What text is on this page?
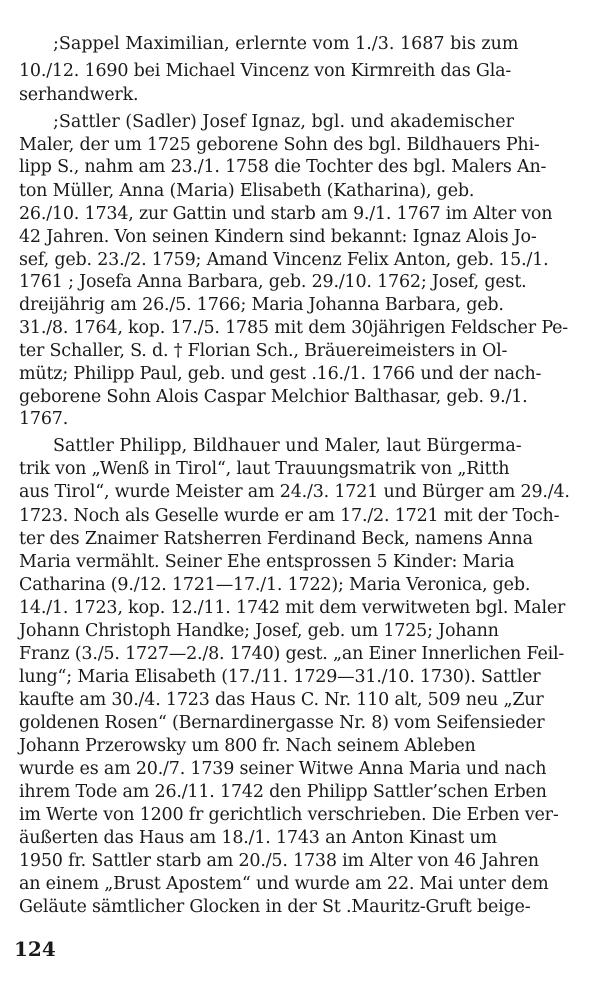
;Sappel Maximilian, erlernte vom 1./3. 1687 bis zum
10./12. 1690 bei Michael Vincenz von Kirmreith das Gla-
serhandwerk.
;Sattler (Sadler) Josef Ignaz, bgl. und akademischer
Maler, der um 1725 geborene Sohn des bgl. Bildhauers Phi-
lipp S., nahm am 23./1. 1758 die Tochter des bgl. Malers An-
ton Müller, Anna (Maria) Elisabeth (Katharina), geb.
26./10. 1734, zur Gattin und starb am 9./1. 1767 im Alter von
42 Jahren. Von seinen Kindern sind bekannt: Ignaz Alois Jo-
sef, geb. 23./2. 1759; Amand Vincenz Felix Anton, geb. 15./1.
1761 ; Josefa Anna Barbara, geb. 29./10. 1762; Josef, gest.
dreijährig am 26./5. 1766; Maria Johanna Barbara, geb.
31./8. 1764, kop. 17./5. 1785 mit dem 30jährigen Feldscher Pe-
ter Schaller, S. d. † Florian Sch., Bräuereimeisters in Ol-
mütz; Philipp Paul, geb. und gest .16./1. 1766 und der nach-
geborene Sohn Alois Caspar Melchior Balthasar, geb. 9./1.
1767.
Sattler Philipp, Bildhauer und Maler, laut Bürgerma-
trik von „Wenß in Tirol“, laut Trauungsmatrik von „Ritth
aus Tirol“, wurde Meister am 24./3. 1721 und Bürger am 29./4.
1723. Noch als Geselle wurde er am 17./2. 1721 mit der Toch-
ter des Znaimer Ratsherren Ferdinand Beck, namens Anna
Maria vermählt. Seiner Ehe entsprossen 5 Kinder: Maria
Catharina (9./12. 1721—17./1. 1722); Maria Veronica, geb.
14./1. 1723, kop. 12./11. 1742 mit dem verwitweten bgl. Maler
Johann Christoph Handke; Josef, geb. um 1725; Johann
Franz (3./5. 1727—2./8. 1740) gest. „an Einer Innerlichen Feil-
lung“; Maria Elisabeth (17./11. 1729—31./10. 1730). Sattler
kaufte am 30./4. 1723 das Haus C. Nr. 110 alt, 509 neu „Zur
goldenen Rosen“ (Bernardinergasse Nr. 8) vom Seifensieder
Johann Przerowsky um 800 fr. Nach seinem Ableben
wurde es am 20./7. 1739 seiner Witwe Anna Maria und nach
ihrem Tode am 26./11. 1742 den Philipp Sattler’schen Erben
im Werte von 1200 fr gerichtlich verschrieben. Die Erben ver-
äußerten das Haus am 18./1. 1743 an Anton Kinast um
1950 fr. Sattler starb am 20./5. 1738 im Alter von 46 Jahren
an einem „Brust Apostem“ und wurde am 22. Mai unter dem
Geläute sämtlicher Glocken in der St .Mauritz-Gruft beige-
124
